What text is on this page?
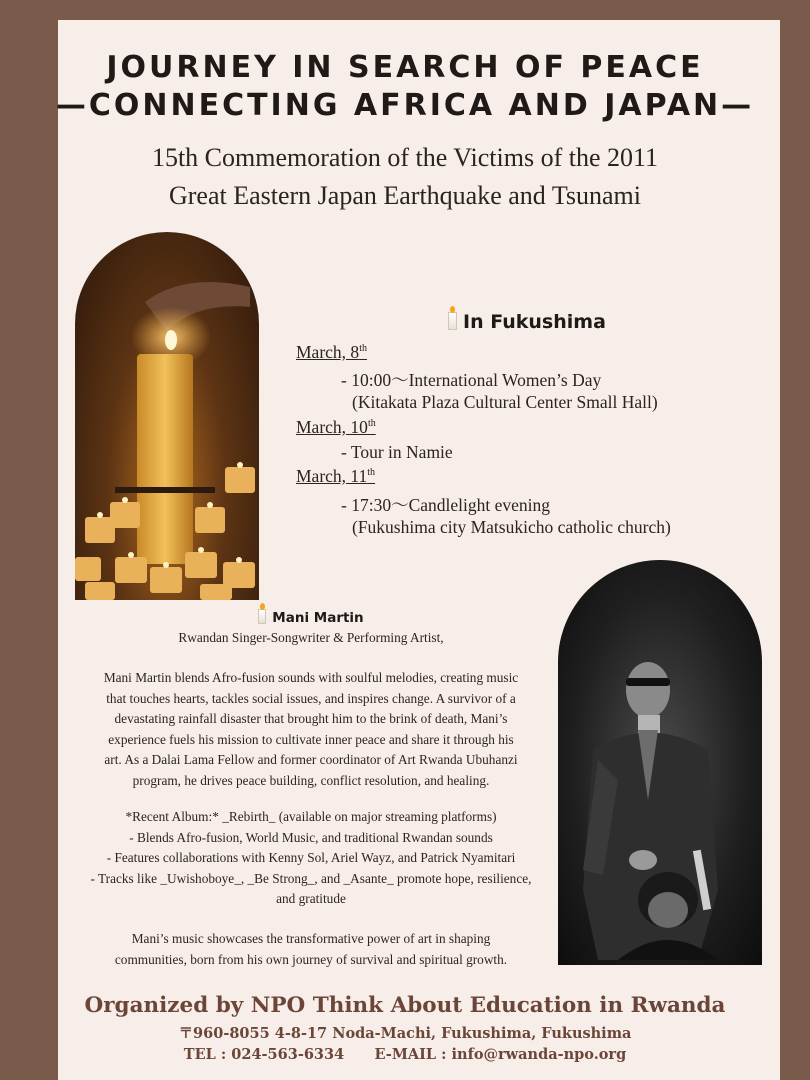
JOURNEY IN SEARCH OF PEACE
—CONNECTING AFRICA AND JAPAN—
15th Commemoration of the Victims of the 2011
Great Eastern Japan Earthquake and Tsunami
In Fukushima
March, 8th
- 10:00〜International Women’s Day
(Kitakata Plaza Cultural Center Small Hall)
March, 10th
- Tour in Namie
March, 11th
- 17:30〜Candlelight evening
(Fukushima city Matsukicho catholic church)
Mani Martin
Rwandan Singer-Songwriter & Performing Artist,
Mani Martin blends Afro-fusion sounds with soulful melodies, creating music
that touches hearts, tackles social issues, and inspires change. A survivor of a
devastating rainfall disaster that brought him to the brink of death, Mani’s
experience fuels his mission to cultivate inner peace and share it through his
art. As a Dalai Lama Fellow and former coordinator of Art Rwanda Ubuhanzi
program, he drives peace building, conflict resolution, and healing.
*Recent Album:* _Rebirth_ (available on major streaming platforms)
- Blends Afro-fusion, World Music, and traditional Rwandan sounds
- Features collaborations with Kenny Sol, Ariel Wayz, and Patrick Nyamitari
- Tracks like _Uwishoboye_, _Be Strong_, and _Asante_ promote hope, resilience,
and gratitude
Mani’s music showcases the transformative power of art in shaping
communities, born from his own journey of survival and spiritual growth.
Organized by NPO Think About Education in Rwanda
〒960-8055 4-8-17 Noda-Machi, Fukushima, Fukushima
TEL : 024-563-6334      E-MAIL : info@rwanda-npo.org
